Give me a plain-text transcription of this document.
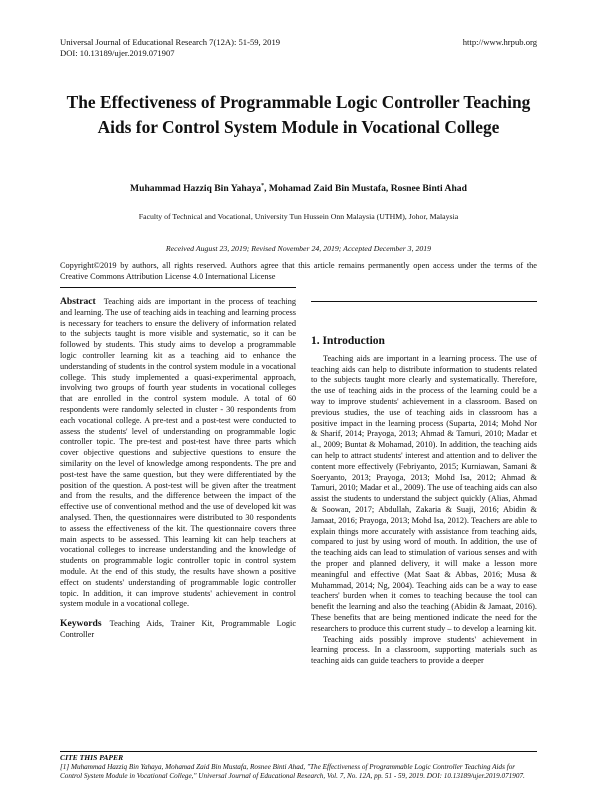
Universal Journal of Educational Research 7(12A): 51-59, 2019
DOI: 10.13189/ujer.2019.071907
http://www.hrpub.org
The Effectiveness of Programmable Logic Controller Teaching Aids for Control System Module in Vocational College
Muhammad Hazziq Bin Yahaya*, Mohamad Zaid Bin Mustafa, Rosnee Binti Ahad
Faculty of Technical and Vocational, University Tun Hussein Onn Malaysia (UTHM), Johor, Malaysia
Received August 23, 2019; Revised November 24, 2019; Accepted December 3, 2019
Copyright©2019 by authors, all rights reserved. Authors agree that this article remains permanently open access under the terms of the Creative Commons Attribution License 4.0 International License
Abstract Teaching aids are important in the process of teaching and learning. The use of teaching aids in teaching and learning process is necessary for teachers to ensure the delivery of information related to the subjects taught is more visible and systematic, so it can be followed by students. This study aims to develop a programmable logic controller learning kit as a teaching aid to enhance the understanding of students in the control system module in a vocational college. This study implemented a quasi-experimental approach, involving two groups of fourth year students in vocational colleges that are enrolled in the control system module. A total of 60 respondents were randomly selected in cluster - 30 respondents from each vocational college. A pre-test and a post-test were conducted to assess the students' level of understanding on programmable logic controller topic. The pre-test and post-test have three parts which cover objective questions and subjective questions to ensure the similarity on the level of knowledge among respondents. The pre and post-test have the same question, but they were differentiated by the position of the question. A post-test will be given after the treatment and from the results, and the difference between the impact of the effective use of conventional method and the use of developed kit was analysed. Then, the questionnaires were distributed to 30 respondents to assess the effectiveness of the kit. The questionnaire covers three main aspects to be assessed. This learning kit can help teachers at vocational colleges to increase understanding and the knowledge of students on programmable logic controller topic in control system module. At the end of this study, the results have shown a positive effect on students' understanding of programmable logic controller topic. In addition, it can improve students' achievement in control system module in a vocational college.
Keywords Teaching Aids, Trainer Kit, Programmable Logic Controller
1. Introduction

Teaching aids are important in a learning process. The use of teaching aids can help to distribute information to students related to the subjects taught more clearly and systematically. Therefore, the use of teaching aids in the process of the learning could be a way to improve students' achievement in a classroom. Based on previous studies, the use of teaching aids in classroom has a positive impact in the learning process (Suparta, 2014; Mohd Nor & Sharif, 2014; Prayoga, 2013; Ahmad & Tamuri, 2010; Madar et al., 2009; Buntat & Mohamad, 2010). In addition, the teaching aids can help to attract students' interest and attention and to deliver the content more effectively (Febriyanto, 2015; Kurniawan, Samani & Soeryanto, 2013; Prayoga, 2013; Mohd Isa, 2012; Ahmad & Tamuri, 2010; Madar et al., 2009). The use of teaching aids can also assist the students to understand the subject quickly (Alias, Ahmad & Soowan, 2017; Abdullah, Zakaria & Suaji, 2016; Abidin & Jamaat, 2016; Prayoga, 2013; Mohd Isa, 2012). Teachers are able to explain things more accurately with assistance from teaching aids, compared to just by using word of mouth. In addition, the use of the teaching aids can lead to stimulation of various senses and with the proper and planned delivery, it will make a lesson more meaningful and effective (Mat Saat & Abbas, 2016; Musa & Muhammad, 2014; Ng, 2004). Teaching aids can be a way to ease teachers' burden when it comes to teaching because the tool can benefit the learning and also the teaching (Abidin & Jamaat, 2016). These benefits that are being mentioned indicate the need for the researchers to produce this current study – to develop a learning kit.

Teaching aids possibly improve students' achievement in learning process. In a classroom, supporting materials such as teaching aids can guide teachers to provide a deeper

CITE THIS PAPER
[1] Muhammad Hazziq Bin Yahaya, Mohamad Zaid Bin Mustafa, Rosnee Binti Ahad, "The Effectiveness of Programmable Logic Controller Teaching Aids for Control System Module in Vocational College," Universal Journal of Educational Research, Vol. 7, No. 12A, pp. 51 - 59, 2019. DOI: 10.13189/ujer.2019.071907.
